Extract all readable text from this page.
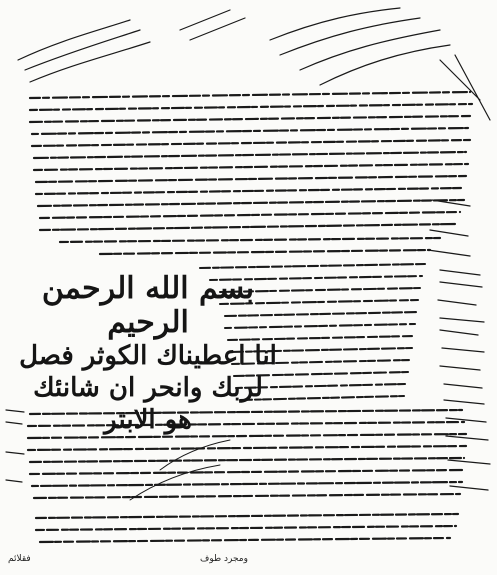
بسم الله الرحمن الرحيم
انا اعطيناك الكوثر فصل
لربك وانحر ان شانئك هو الابتر
فقلائم	ومجرد طوف
